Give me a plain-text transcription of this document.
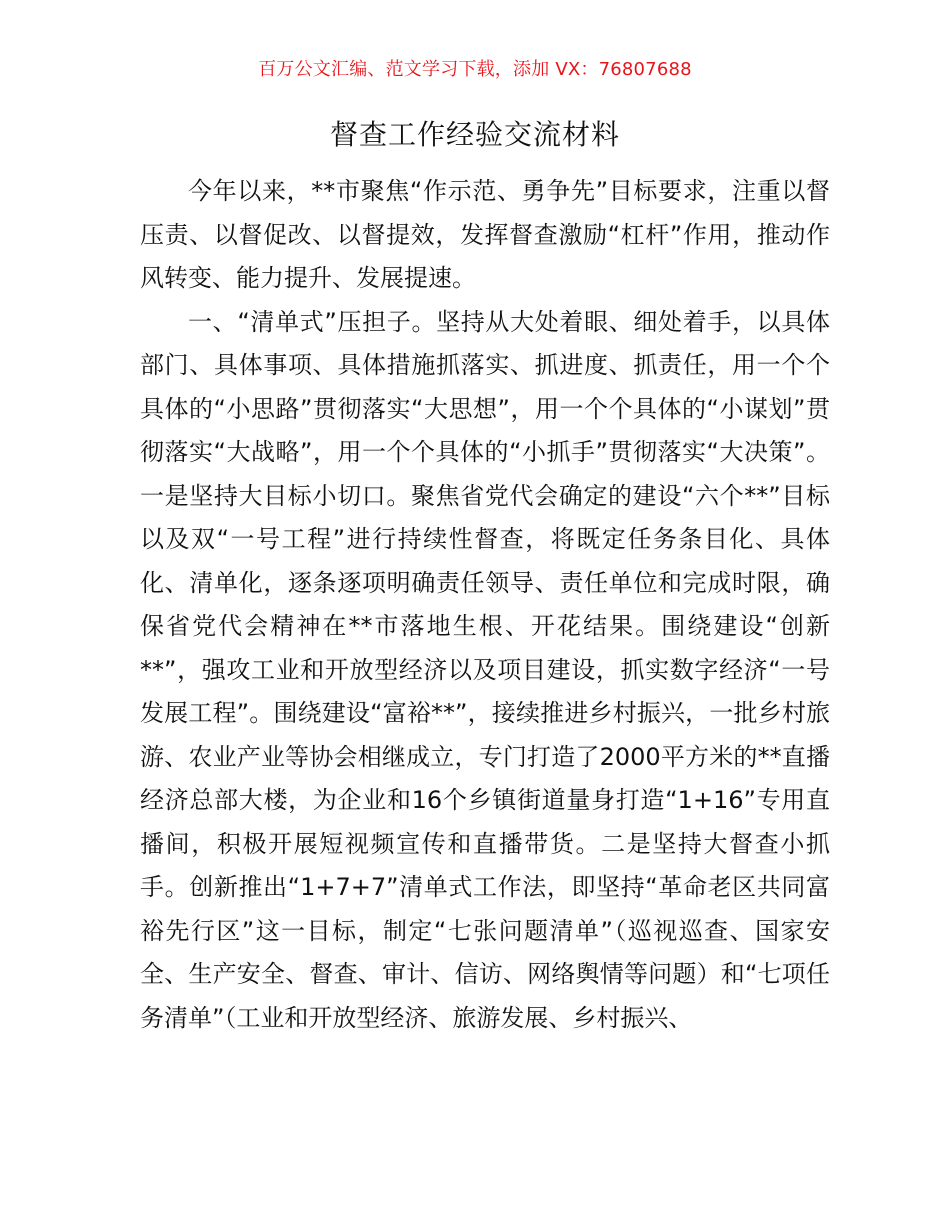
百万公文汇编、范文学习下载，添加 VX：76807688
督查工作经验交流材料

今年以来，**市聚焦“作示范、勇争先”目标要求，注重以督压责、以督促改、以督提效，发挥督查激励“杠杆”作用，推动作风转变、能力提升、发展提速。

一、“清单式”压担子。坚持从大处着眼、细处着手，以具体部门、具体事项、具体措施抓落实、抓进度、抓责任，用一个个具体的“小思路”贯彻落实“大思想”，用一个个具体的“小谋划”贯彻落实“大战略”，用一个个具体的“小抓手”贯彻落实“大决策”。一是坚持大目标小切口。聚焦省党代会确定的建设“六个**”目标以及双“一号工程”进行持续性督查，将既定任务条目化、具体化、清单化，逐条逐项明确责任领导、责任单位和完成时限，确保省党代会精神在**市落地生根、开花结果。围绕建设“创新**”，强攻工业和开放型经济以及项目建设，抓实数字经济“一号发展工程”。围绕建设“富裕**”，接续推进乡村振兴，一批乡村旅游、农业产业等协会相继成立，专门打造了2000平方米的**直播经济总部大楼，为企业和16个乡镇街道量身打造“1+16”专用直播间，积极开展短视频宣传和直播带货。二是坚持大督查小抓手。创新推出“1+7+7”清单式工作法，即坚持“革命老区共同富裕先行区”这一目标，制定“七张问题清单”（巡视巡查、国家安全、生产安全、督查、审计、信访、网络舆情等问题）和“七项任务清单”（工业和开放型经济、旅游发展、乡村振兴、
